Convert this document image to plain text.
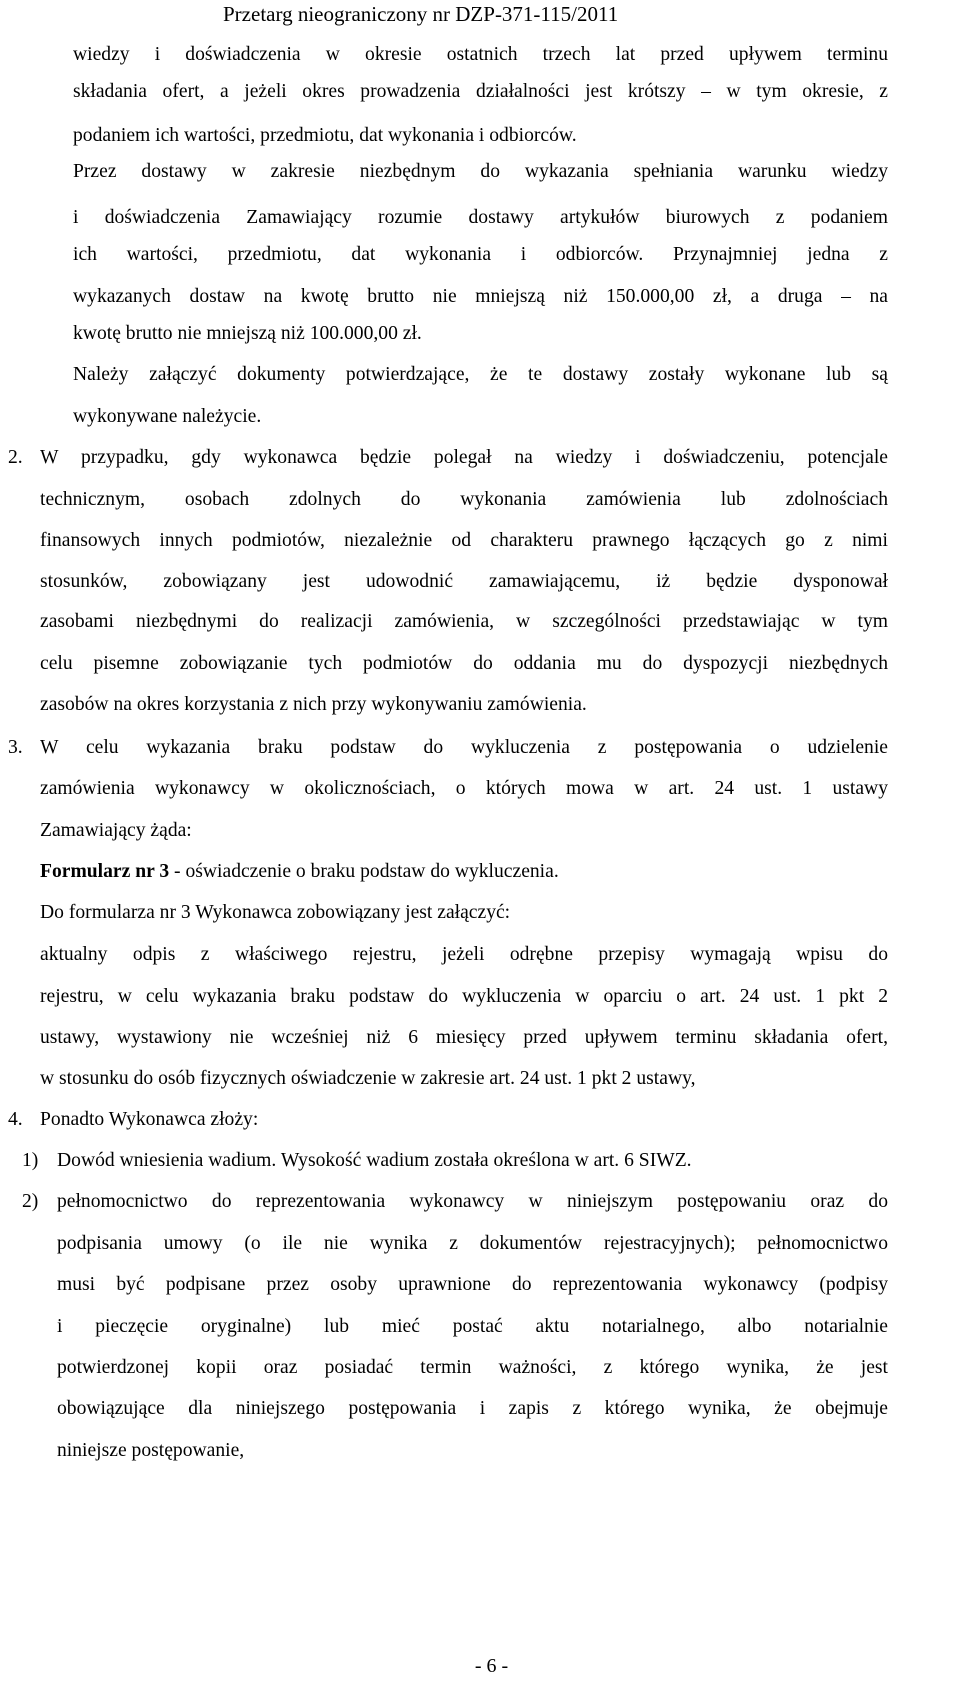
Przetarg nieograniczony nr DZP-371-115/2011
wiedzy i doświadczenia w okresie ostatnich trzech lat przed upływem terminu
składania ofert, a jeżeli okres prowadzenia działalności jest krótszy – w tym okresie, z
podaniem ich wartości, przedmiotu, dat wykonania i odbiorców.
Przez dostawy w zakresie niezbędnym do wykazania spełniania warunku wiedzy
i doświadczenia Zamawiający rozumie dostawy artykułów biurowych z podaniem
ich wartości, przedmiotu, dat wykonania i odbiorców. Przynajmniej jedna z
wykazanych dostaw na kwotę brutto nie mniejszą niż 150.000,00 zł, a druga – na
kwotę brutto nie mniejszą niż 100.000,00 zł.
Należy załączyć dokumenty potwierdzające, że te dostawy zostały wykonane lub są
wykonywane należycie.
2. W przypadku, gdy wykonawca będzie polegał na wiedzy i doświadczeniu, potencjale
technicznym, osobach zdolnych do wykonania zamówienia lub zdolnościach
finansowych innych podmiotów, niezależnie od charakteru prawnego łączących go z nimi
stosunków, zobowiązany jest udowodnić zamawiającemu, iż będzie dysponował
zasobami niezbędnymi do realizacji zamówienia, w szczególności przedstawiając w tym
celu pisemne zobowiązanie tych podmiotów do oddania mu do dyspozycji niezbędnych
zasobów na okres korzystania z nich przy wykonywaniu zamówienia.
3. W celu wykazania braku podstaw do wykluczenia z postępowania o udzielenie
zamówienia wykonawcy w okolicznościach, o których mowa w art. 24 ust. 1 ustawy
Zamawiający żąda:
Formularz nr 3 - oświadczenie o braku podstaw do wykluczenia.
Do formularza nr 3 Wykonawca zobowiązany jest załączyć:
aktualny odpis z właściwego rejestru, jeżeli odrębne przepisy wymagają wpisu do
rejestru, w celu wykazania braku podstaw do wykluczenia w oparciu o art. 24 ust. 1 pkt 2
ustawy, wystawiony nie wcześniej niż 6 miesięcy przed upływem terminu składania ofert,
w stosunku do osób fizycznych oświadczenie w zakresie art. 24 ust. 1 pkt 2 ustawy,
4. Ponadto Wykonawca złoży:
1) Dowód wniesienia wadium. Wysokość wadium została określona w art. 6 SIWZ.
2) pełnomocnictwo do reprezentowania wykonawcy w niniejszym postępowaniu oraz do
podpisania umowy (o ile nie wynika z dokumentów rejestracyjnych); pełnomocnictwo
musi być podpisane przez osoby uprawnione do reprezentowania wykonawcy (podpisy
i pieczęcie oryginalne) lub mieć postać aktu notarialnego, albo notarialnie
potwierdzonej kopii oraz posiadać termin ważności, z którego wynika, że jest
obowiązujące dla niniejszego postępowania i zapis z którego wynika, że obejmuje
niniejsze postępowanie,
- 6 -
